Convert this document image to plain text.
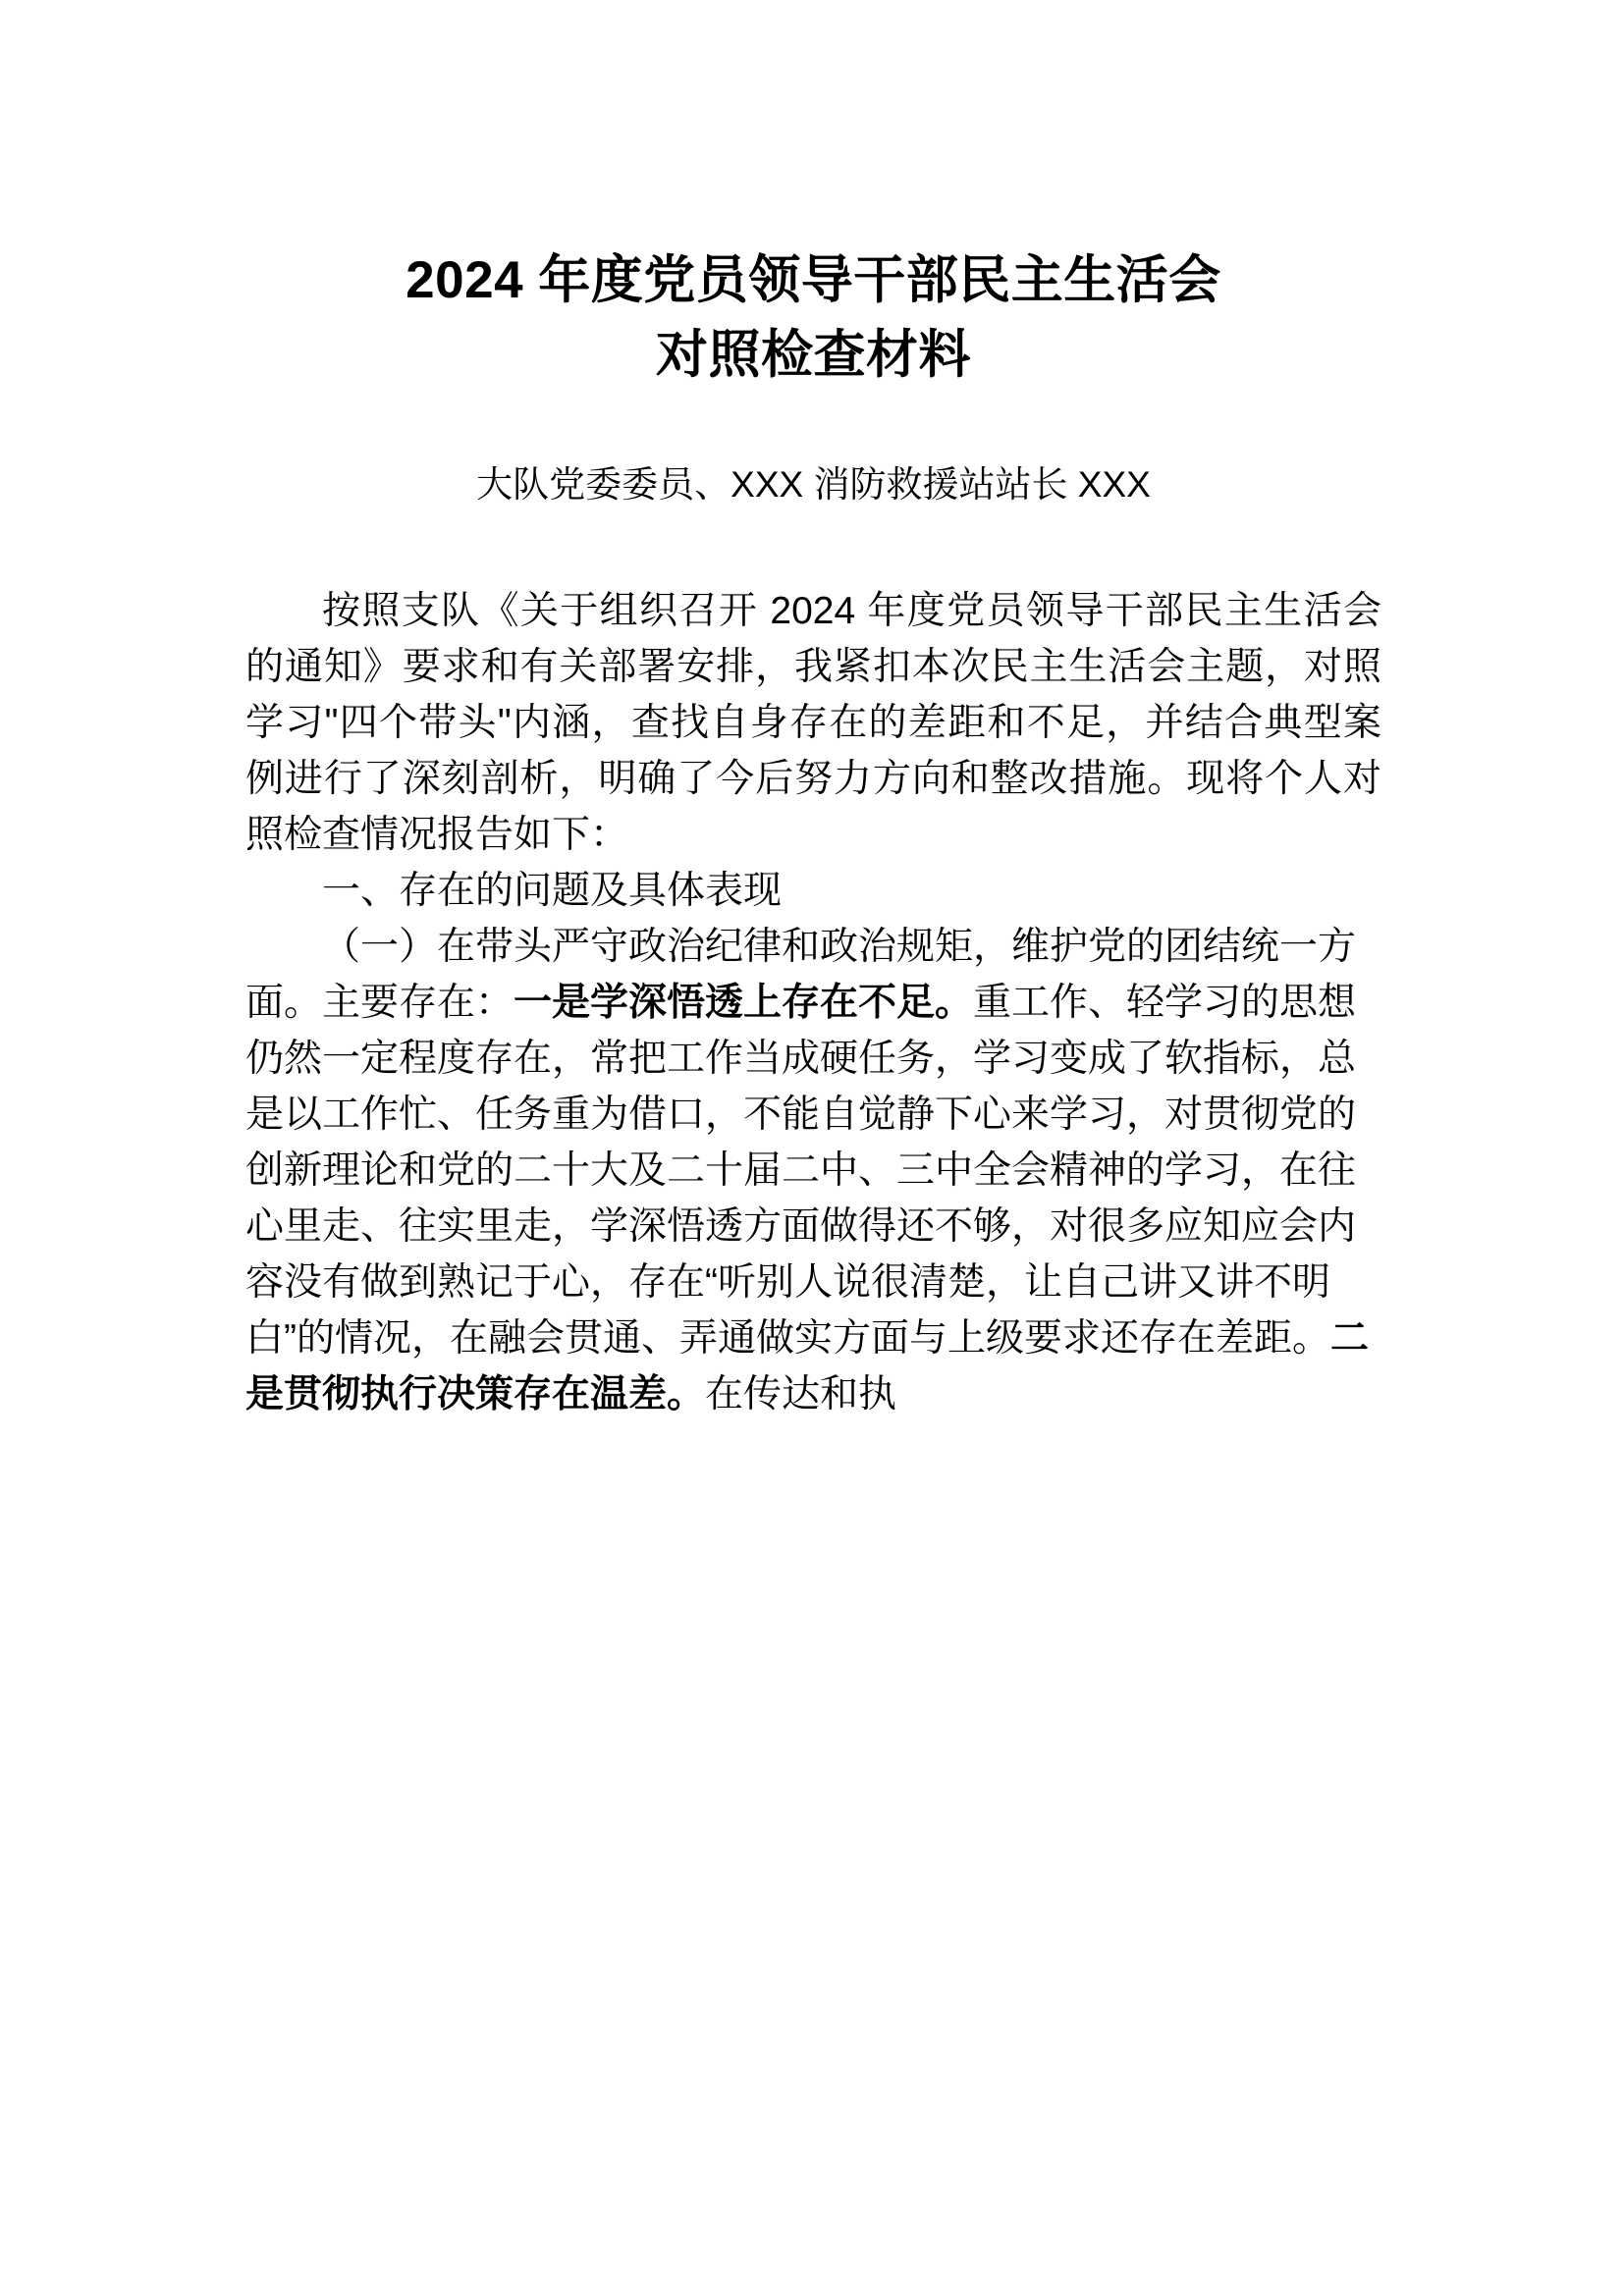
2024 年度党员领导干部民主生活会
对照检查材料
大队党委委员、XXX 消防救援站站长 XXX

按照支队《关于组织召开 2024 年度党员领导干部民主生活会的通知》要求和有关部署安排，我紧扣本次民主生活会主题，对照学习"四个带头"内涵，查找自身存在的差距和不足，并结合典型案例进行了深刻剖析，明确了今后努力方向和整改措施。现将个人对照检查情况报告如下：

一、存在的问题及具体表现

（一）在带头严守政治纪律和政治规矩，维护党的团结统一方面。主要存在：一是学深悟透上存在不足。重工作、轻学习的思想仍然一定程度存在，常把工作当成硬任务，学习变成了软指标，总是以工作忙、任务重为借口，不能自觉静下心来学习，对贯彻党的创新理论和党的二十大及二十届二中、三中全会精神的学习，在往心里走、往实里走，学深悟透方面做得还不够，对很多应知应会内容没有做到熟记于心，存在“听别人说很清楚，让自己讲又讲不明白”的情况，在融会贯通、弄通做实方面与上级要求还存在差距。二是贯彻执行决策存在温差。在传达和执
